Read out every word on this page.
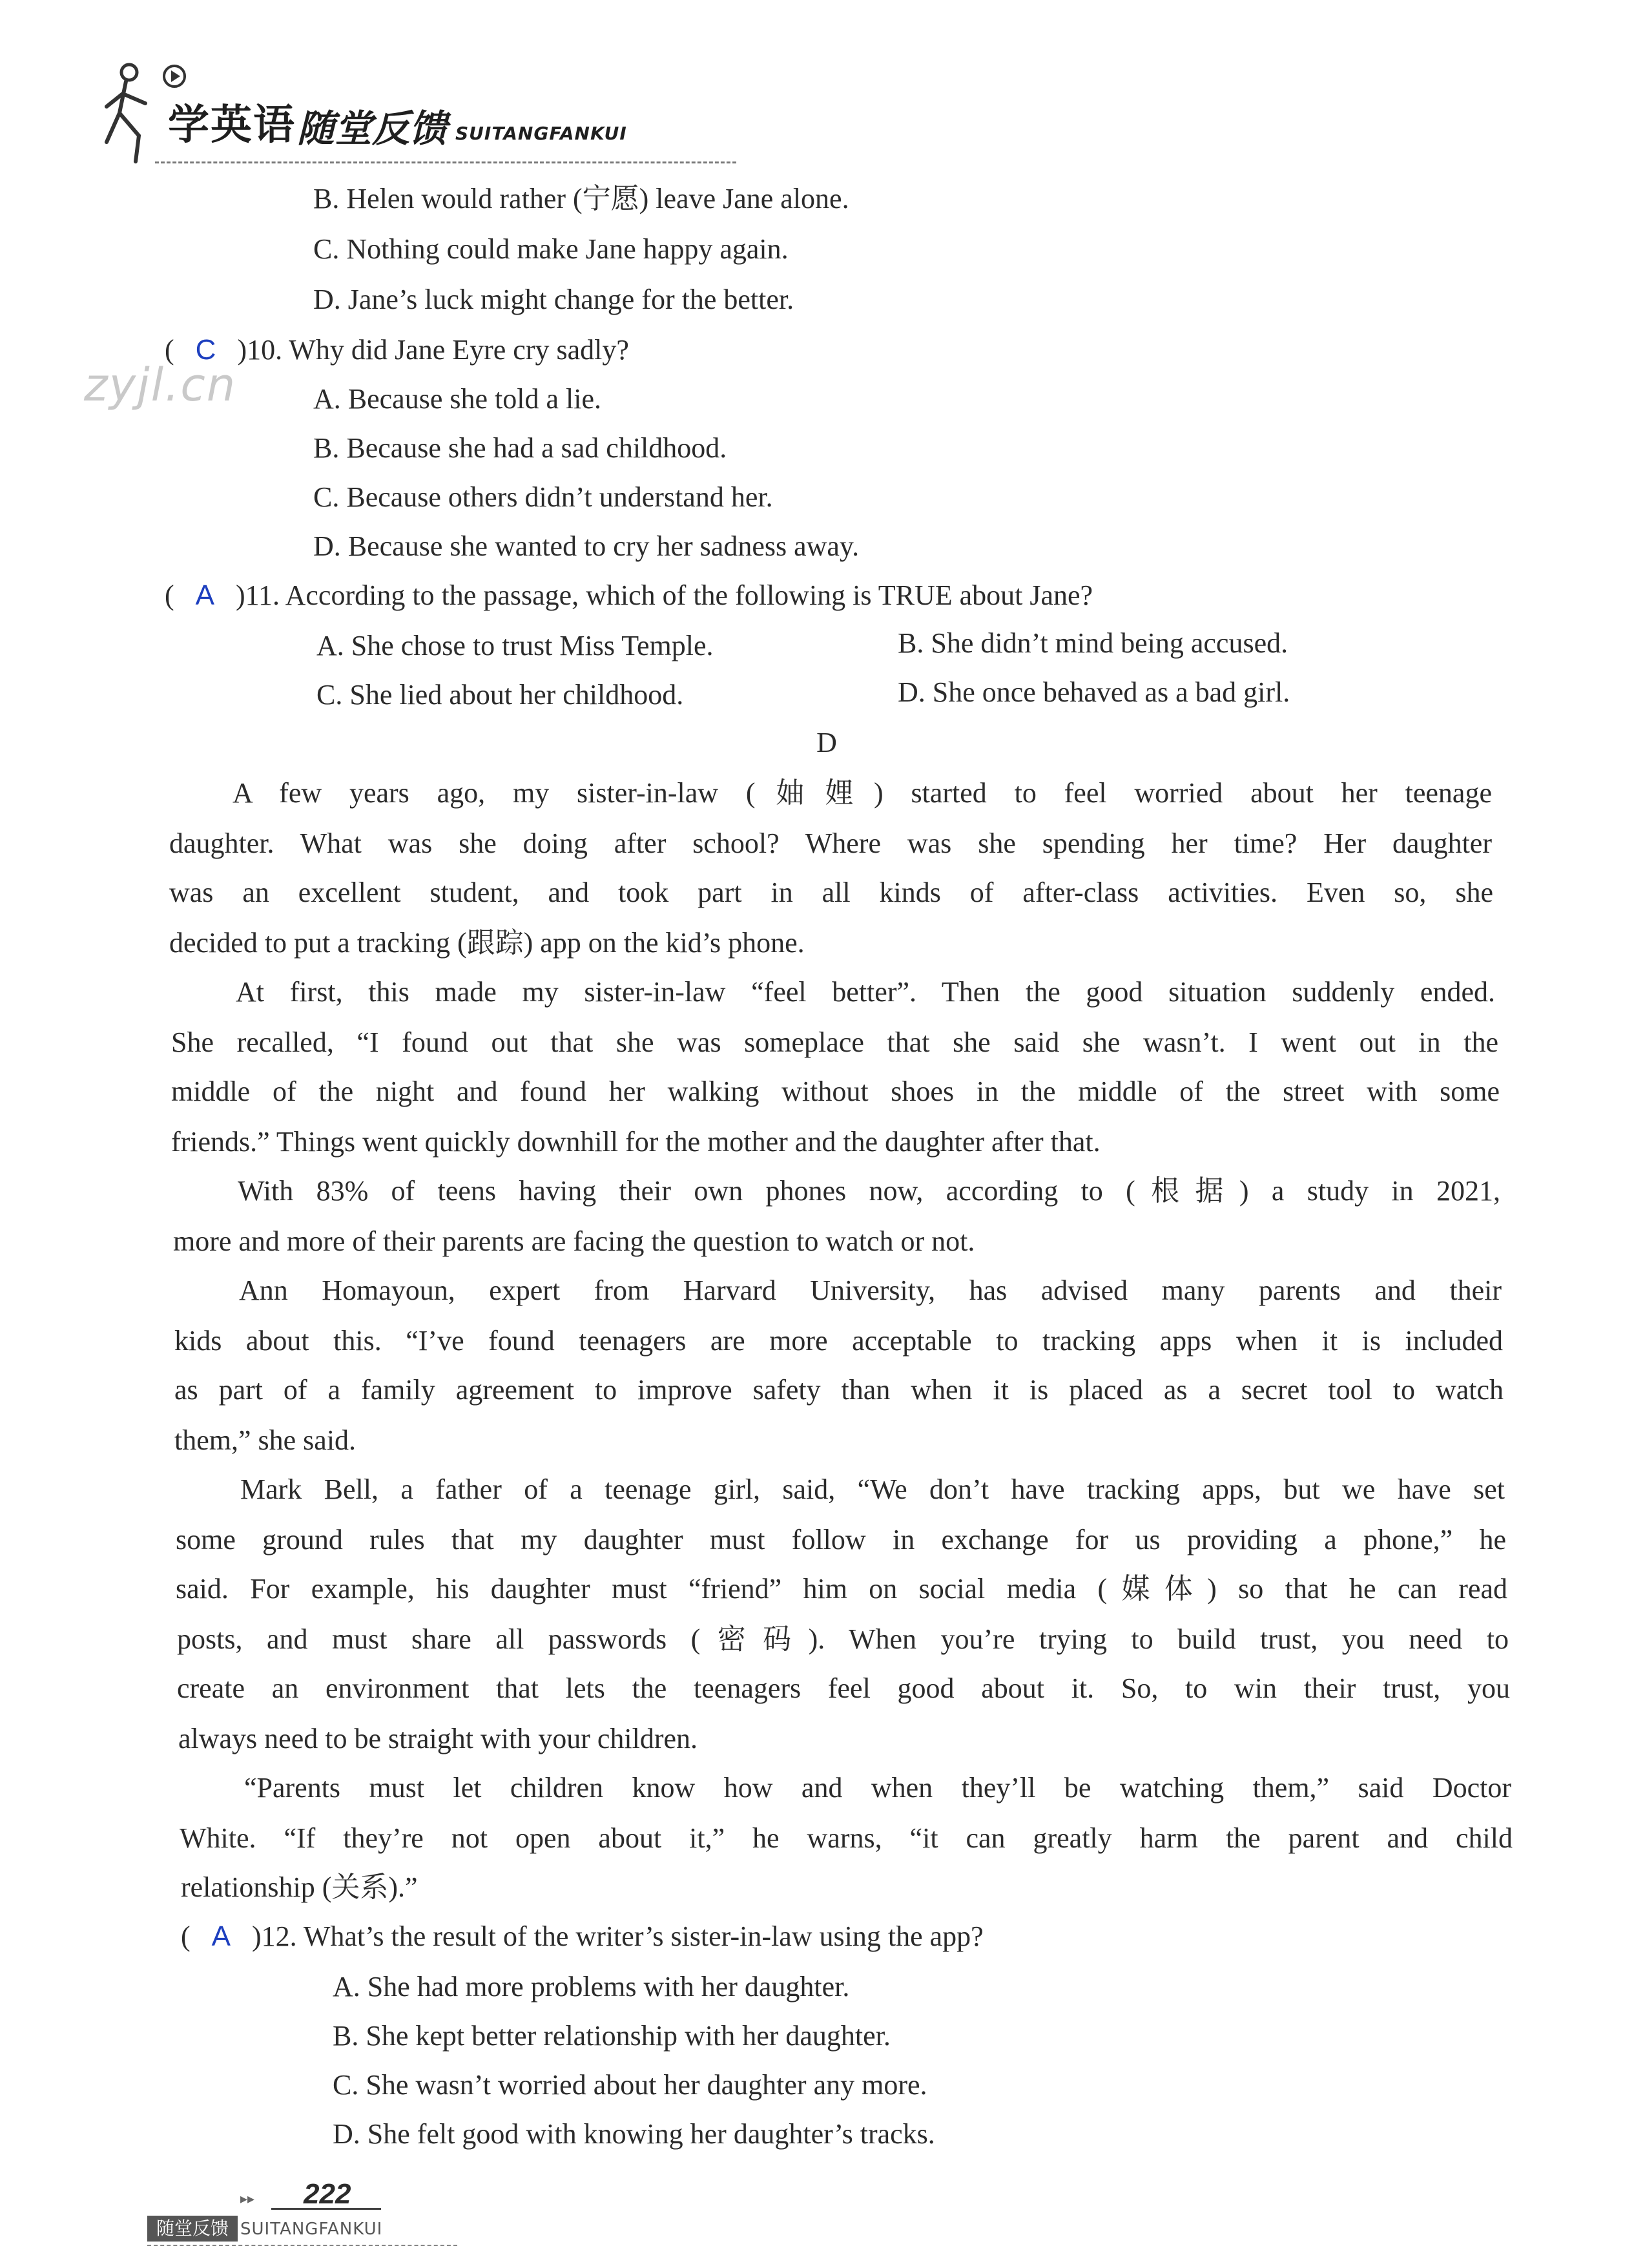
学英语 随堂反馈 SUITANGFANKUI
zyjl.cn
B. Helen would rather (宁愿) leave Jane alone.
C. Nothing could make Jane happy again.
D. Jane’s luck might change for the better.
( C )10. Why did Jane Eyre cry sadly?
A. Because she told a lie.
B. Because she had a sad childhood.
C. Because others didn’t understand her.
D. Because she wanted to cry her sadness away.
( A )11. According to the passage, which of the following is TRUE about Jane?
A. She chose to trust Miss Temple.	B. She didn’t mind being accused.
C. She lied about her childhood.	D. She once behaved as a bad girl.
D
A few years ago, my sister-in-law (妯娌) started to feel worried about her teenage
daughter. What was she doing after school? Where was she spending her time? Her daughter
was an excellent student, and took part in all kinds of after-class activities. Even so, she
decided to put a tracking (跟踪) app on the kid’s phone.
At first, this made my sister-in-law “feel better”. Then the good situation suddenly ended.
She recalled, “I found out that she was someplace that she said she wasn’t. I went out in the
middle of the night and found her walking without shoes in the middle of the street with some
friends.” Things went quickly downhill for the mother and the daughter after that.
With 83% of teens having their own phones now, according to (根据) a study in 2021,
more and more of their parents are facing the question to watch or not.
Ann Homayoun, expert from Harvard University, has advised many parents and their
kids about this. “I’ve found teenagers are more acceptable to tracking apps when it is included
as part of a family agreement to improve safety than when it is placed as a secret tool to watch
them,” she said.
Mark Bell, a father of a teenage girl, said, “We don’t have tracking apps, but we have set
some ground rules that my daughter must follow in exchange for us providing a phone,” he
said. For example, his daughter must “friend” him on social media (媒体) so that he can read
posts, and must share all passwords (密码). When you’re trying to build trust, you need to
create an environment that lets the teenagers feel good about it. So, to win their trust, you
always need to be straight with your children.
“Parents must let children know how and when they’ll be watching them,” said Doctor
White. “If they’re not open about it,” he warns, “it can greatly harm the parent and child
relationship (关系).”
( A )12. What’s the result of the writer’s sister-in-law using the app?
A. She had more problems with her daughter.
B. She kept better relationship with her daughter.
C. She wasn’t worried about her daughter any more.
D. She felt good with knowing her daughter’s tracks.
▸▸ 222
随堂反馈 SUITANGFANKUI
